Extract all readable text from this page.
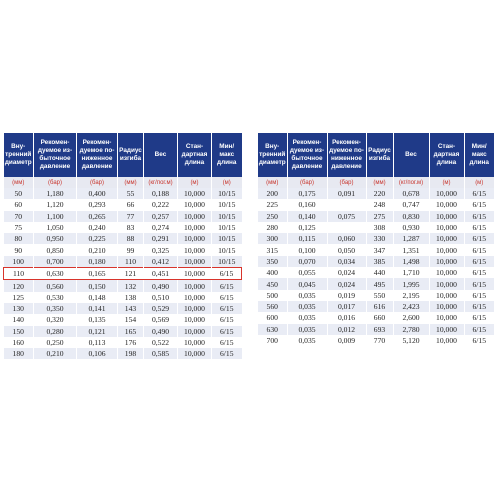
Вну-
тренний
диаметр	Рекомен-
дуемое из-
быточное
давление	Рекомен-
дуемое по-
ниженное
давление	Радиус
изгиба	Вес	Стан-
дартная
длина	Мин/
макс
длина
(мм)	(бар)	(бар)	(мм)	(кг/пог.м)	(м)	(м)
50	1,180	0,400	55	0,188	10,000	10/15
60	1,120	0,293	66	0,222	10,000	10/15
70	1,100	0,265	77	0,257	10,000	10/15
75	1,050	0,240	83	0,274	10,000	10/15
80	0,950	0,225	88	0,291	10,000	10/15
90	0,850	0,210	99	0,325	10,000	10/15
100	0,700	0,180	110	0,412	10,000	10/15
110	0,630	0,165	121	0,451	10,000	6/15
120	0,560	0,150	132	0,490	10,000	6/15
125	0,530	0,148	138	0,510	10,000	6/15
130	0,350	0,141	143	0,529	10,000	6/15
140	0,320	0,135	154	0,569	10,000	6/15
150	0,280	0,121	165	0,490	10,000	6/15
160	0,250	0,113	176	0,522	10,000	6/15
180	0,210	0,106	198	0,585	10,000	6/15
Вну-
тренний
диаметр	Рекомен-
дуемое из-
быточное
давление	Рекомен-
дуемое по-
ниженное
давление	Радиус
изгиба	Вес	Стан-
дартная
длина	Мин/
макс
длина
(мм)	(бар)	(бар)	(мм)	(кг/пог.м)	(м)	(м)
200	0,175	0,091	220	0,678	10,000	6/15
225	0,160		248	0,747	10,000	6/15
250	0,140	0,075	275	0,830	10,000	6/15
280	0,125		308	0,930	10,000	6/15
300	0,115	0,060	330	1,287	10,000	6/15
315	0,100	0,050	347	1,351	10,000	6/15
350	0,070	0,034	385	1,498	10,000	6/15
400	0,055	0,024	440	1,710	10,000	6/15
450	0,045	0,024	495	1,995	10,000	6/15
500	0,035	0,019	550	2,195	10,000	6/15
560	0,035	0,017	616	2,423	10,000	6/15
600	0,035	0,016	660	2,600	10,000	6/15
630	0,035	0,012	693	2,780	10,000	6/15
700	0,035	0,009	770	5,120	10,000	6/15
